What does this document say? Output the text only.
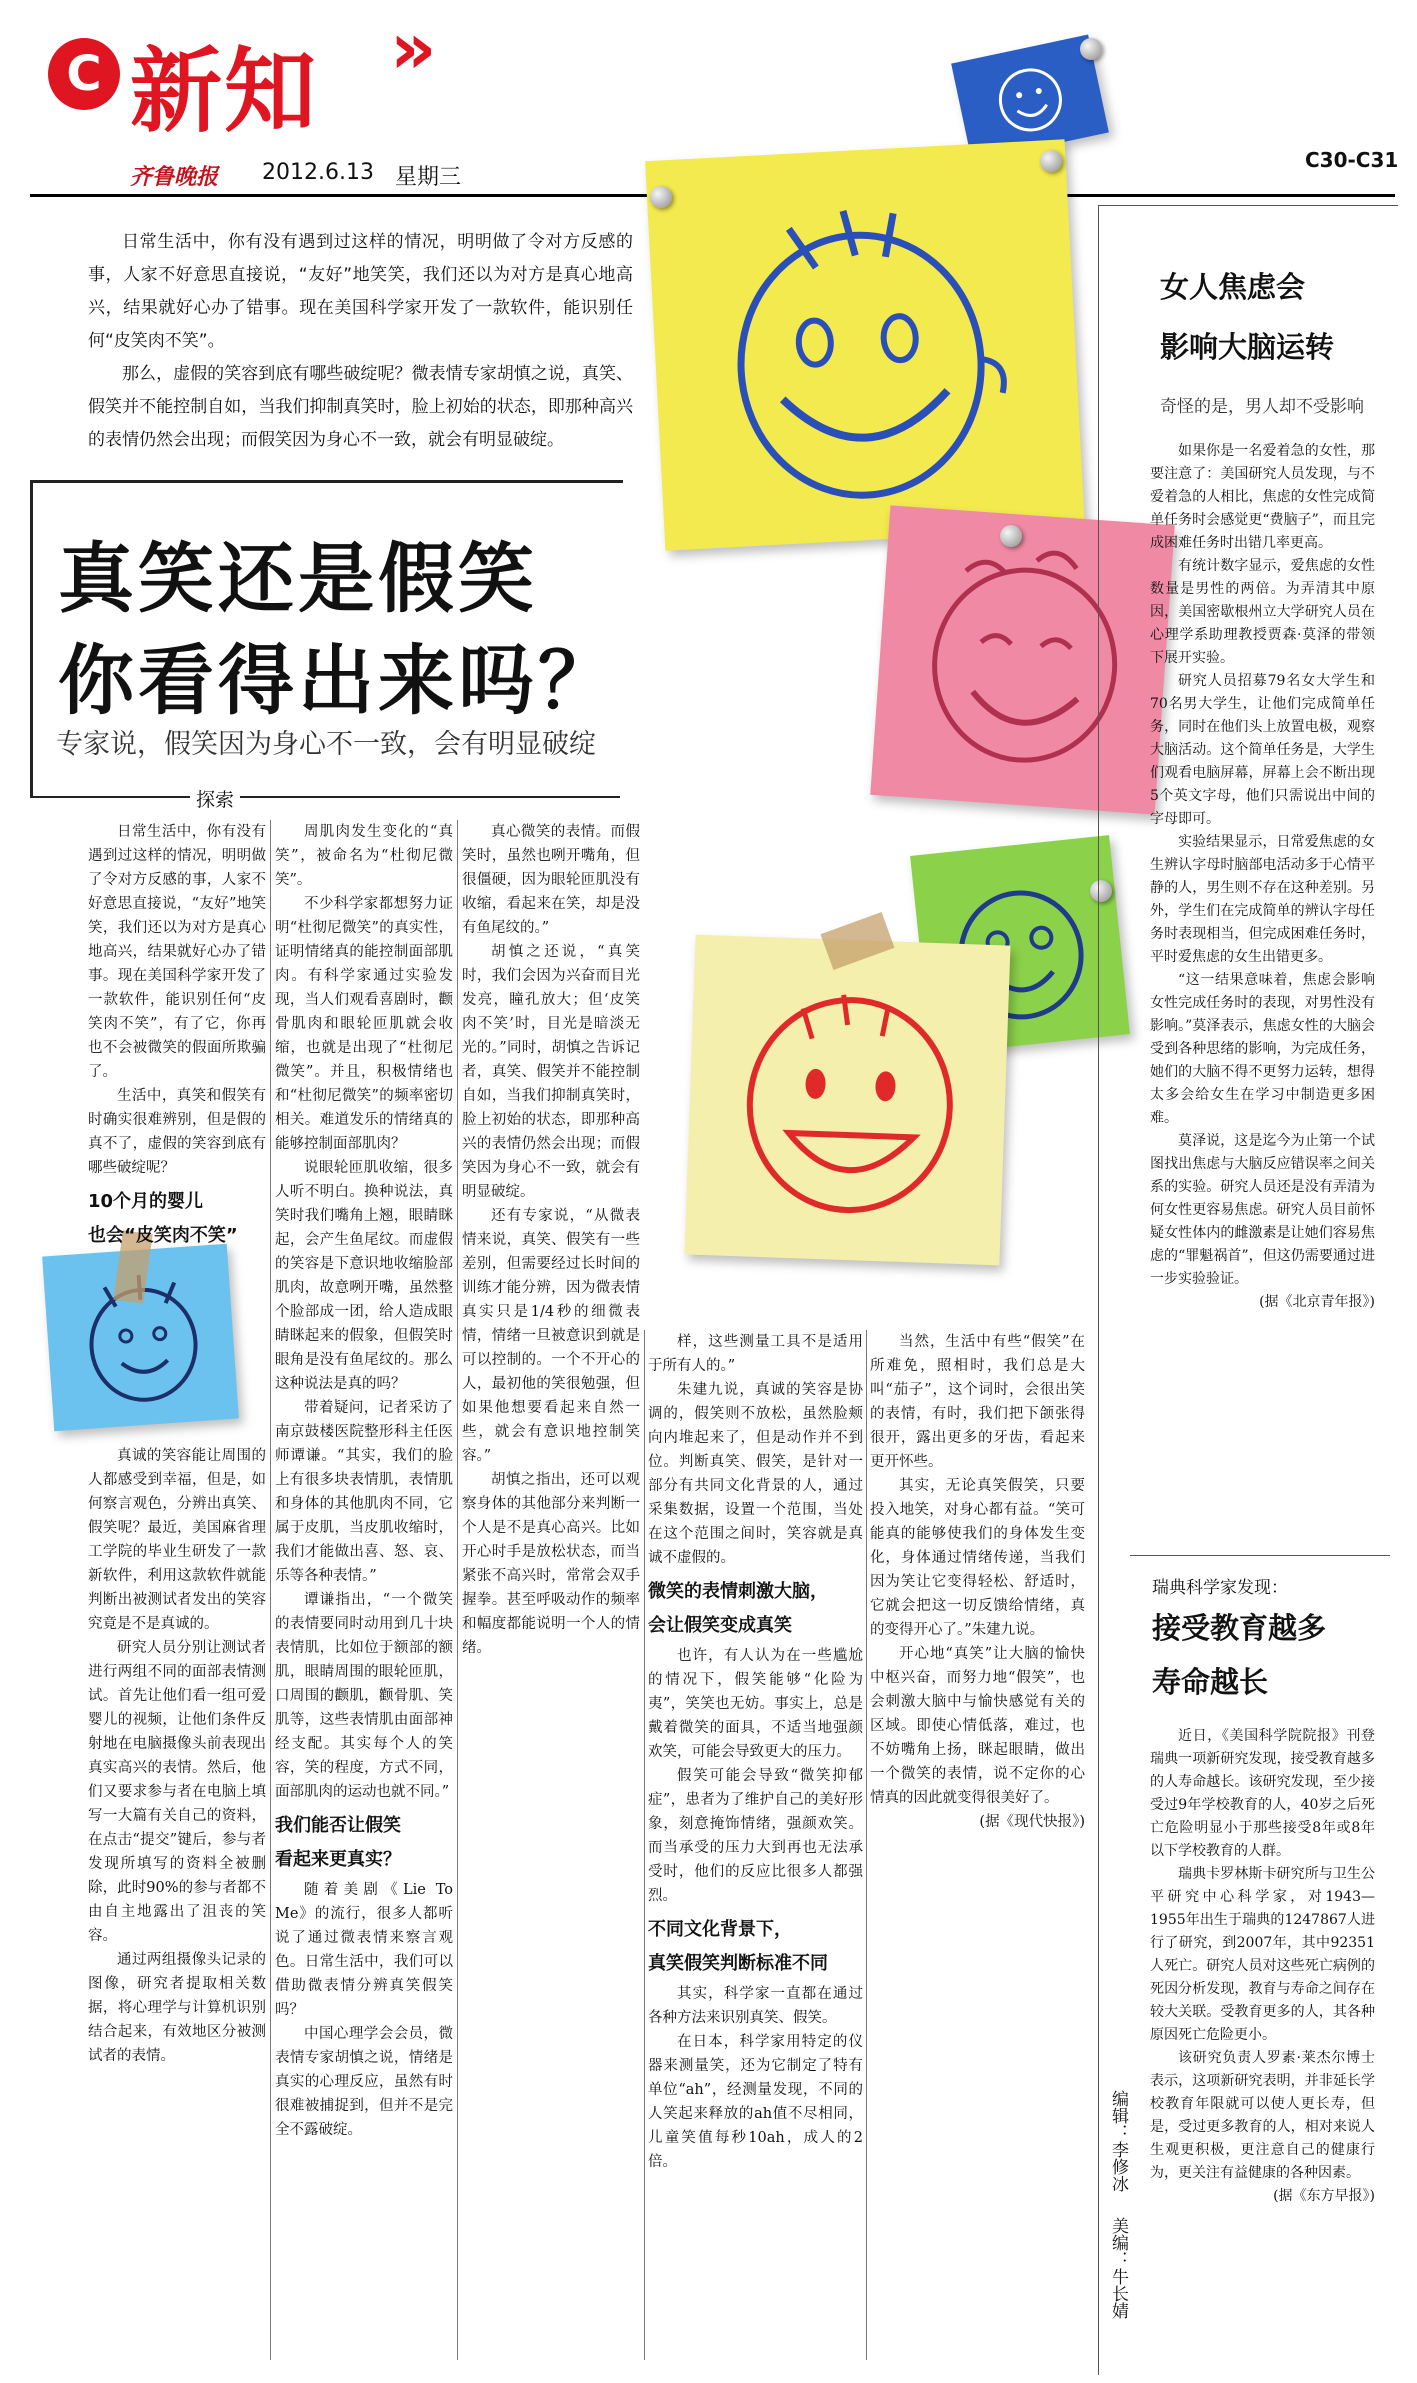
C 新知 »
齐鲁晚报 2012.6.13 星期三
C30-C31

日常生活中，你有没有遇到过这样的情况，明明做了令对方反感的事，人家不好意思直接说，“友好”地笑笑，我们还以为对方是真心地高兴，结果就好心办了错事。现在美国科学家开发了一款软件，能识别任何“皮笑肉不笑”。

那么，虚假的笑容到底有哪些破绽呢？微表情专家胡慎之说，真笑、假笑并不能控制自如，当我们抑制真笑时，脸上初始的状态，即那种高兴的表情仍然会出现；而假笑因为身心不一致，就会有明显破绽。

真笑还是假笑
你看得出来吗？
专家说，假笑因为身心不一致，会有明显破绽
探索

日常生活中，你有没有遇到过这样的情况，明明做了令对方反感的事，人家不好意思直接说，“友好”地笑笑，我们还以为对方是真心地高兴，结果就好心办了错事。现在美国科学家开发了一款软件，能识别任何“皮笑肉不笑”，有了它，你再也不会被微笑的假面所欺骗了。

生活中，真笑和假笑有时确实很难辨别，但是假的真不了，虚假的笑容到底有哪些破绽呢？

10个月的婴儿
也会“皮笑肉不笑”

真诚的笑容能让周围的人都感受到幸福，但是，如何察言观色，分辨出真笑、假笑呢？最近，美国麻省理工学院的毕业生研发了一款新软件，利用这款软件就能判断出被测试者发出的笑容究竟是不是真诚的。

研究人员分别让测试者进行两组不同的面部表情测试。首先让他们看一组可爱婴儿的视频，让他们条件反射地在电脑摄像头前表现出真实高兴的表情。然后，他们又要求参与者在电脑上填写一大篇有关自己的资料，在点击“提交”键后，参与者发现所填写的资料全被删除，此时90%的参与者都不由自主地露出了沮丧的笑容。

通过两组摄像头记录的图像，研究者提取相关数据，将心理学与计算机识别结合起来，有效地区分被测试者的表情。

周肌肉发生变化的“真笑”，被命名为“杜彻尼微笑”。

不少科学家都想努力证明“杜彻尼微笑”的真实性，证明情绪真的能控制面部肌肉。有科学家通过实验发现，当人们观看喜剧时，颧骨肌肉和眼轮匝肌就会收缩，也就是出现了“杜彻尼微笑”。并且，积极情绪也和“杜彻尼微笑”的频率密切相关。难道发乐的情绪真的能够控制面部肌肉？

说眼轮匝肌收缩，很多人听不明白。换种说法，真笑时我们嘴角上翘，眼睛眯起，会产生鱼尾纹。而虚假的笑容是下意识地收缩脸部肌肉，故意咧开嘴，虽然整个脸部成一团，给人造成眼睛眯起来的假象，但假笑时眼角是没有鱼尾纹的。那么这种说法是真的吗？

带着疑问，记者采访了南京鼓楼医院整形科主任医师谭谦。“其实，我们的脸上有很多块表情肌，表情肌和身体的其他肌肉不同，它属于皮肌，当皮肌收缩时，我们才能做出喜、怒、哀、乐等各种表情。”

谭谦指出，“一个微笑的表情要同时动用到几十块表情肌，比如位于额部的额肌，眼睛周围的眼轮匝肌，口周围的颧肌，颧骨肌、笑肌等，这些表情肌由面部神经支配。其实每个人的笑容，笑的程度，方式不同，面部肌肉的运动也就不同。”

我们能否让假笑
看起来更真实？

随着美剧《Lie To Me》的流行，很多人都听说了通过微表情来察言观色。日常生活中，我们可以借助微表情分辨真笑假笑吗？

中国心理学会会员，微表情专家胡慎之说，情绪是真实的心理反应，虽然有时很难被捕捉到，但并不是完全不露破绽。

真心微笑的表情。而假笑时，虽然也咧开嘴角，但很僵硬，因为眼轮匝肌没有收缩，看起来在笑，却是没有鱼尾纹的。”

胡慎之还说，“真笑时，我们会因为兴奋而目光发亮，瞳孔放大；但‘皮笑肉不笑’时，目光是暗淡无光的。”同时，胡慎之告诉记者，真笑、假笑并不能控制自如，当我们抑制真笑时，脸上初始的状态，即那种高兴的表情仍然会出现；而假笑因为身心不一致，就会有明显破绽。

还有专家说，“从微表情来说，真笑、假笑有一些差别，但需要经过长时间的训练才能分辨，因为微表情真实只是1/4秒的细微表情，情绪一旦被意识到就是可以控制的。一个不开心的人，最初他的笑很勉强，但如果他想要看起来自然一些，就会有意识地控制笑容。”

胡慎之指出，还可以观察身体的其他部分来判断一个人是不是真心高兴。比如开心时手是放松状态，而当紧张不高兴时，常常会双手握拳。甚至呼吸动作的频率和幅度都能说明一个人的情绪。

样，这些测量工具不是适用于所有人的。”

朱建九说，真诚的笑容是协调的，假笑则不放松，虽然脸颊向内堆起来了，但是动作并不到位。判断真笑、假笑，是针对一部分有共同文化背景的人，通过采集数据，设置一个范围，当处在这个范围之间时，笑容就是真诚不虚假的。

微笑的表情刺激大脑，
会让假笑变成真笑

也许，有人认为在一些尴尬的情况下，假笑能够“化险为夷”，笑笑也无妨。事实上，总是戴着微笑的面具，不适当地强颜欢笑，可能会导致更大的压力。

假笑可能会导致“微笑抑郁症”，患者为了维护自己的美好形象，刻意掩饰情绪，强颜欢笑。而当承受的压力大到再也无法承受时，他们的反应比很多人都强烈。

不同文化背景下，
真笑假笑判断标准不同

其实，科学家一直都在通过各种方法来识别真笑、假笑。

在日本，科学家用特定的仪器来测量笑，还为它制定了特有单位“ah”，经测量发现，不同的人笑起来释放的ah值不尽相同，儿童笑值每秒10ah，成人的2倍。

当然，生活中有些“假笑”在所难免，照相时，我们总是大叫“茄子”，这个词时，会很出笑的表情，有时，我们把下颌张得很开，露出更多的牙齿，看起来更开怀些。

其实，无论真笑假笑，只要投入地笑，对身心都有益。“笑可能真的能够使我们的身体发生变化，身体通过情绪传递，当我们因为笑让它变得轻松、舒适时，它就会把这一切反馈给情绪，真的变得开心了。”朱建九说。

开心地“真笑”让大脑的愉快中枢兴奋，而努力地“假笑”，也会刺激大脑中与愉快感觉有关的区域。即使心情低落，难过，也不妨嘴角上扬，眯起眼睛，做出一个微笑的表情，说不定你的心情真的因此就变得很美好了。

(据《现代快报》)

女人焦虑会
影响大脑运转
奇怪的是，男人却不受影响

如果你是一名爱着急的女性，那要注意了：美国研究人员发现，与不爱着急的人相比，焦虑的女性完成简单任务时会感觉更“费脑子”，而且完成困难任务时出错几率更高。

有统计数字显示，爱焦虑的女性数量是男性的两倍。为弄清其中原因，美国密歇根州立大学研究人员在心理学系助理教授贾森·莫泽的带领下展开实验。

研究人员招募79名女大学生和70名男大学生，让他们完成简单任务，同时在他们头上放置电极，观察大脑活动。这个简单任务是，大学生们观看电脑屏幕，屏幕上会不断出现5个英文字母，他们只需说出中间的字母即可。

实验结果显示，日常爱焦虑的女生辨认字母时脑部电活动多于心情平静的人，男生则不存在这种差别。另外，学生们在完成简单的辨认字母任务时表现相当，但完成困难任务时，平时爱焦虑的女生出错更多。

“这一结果意味着，焦虑会影响女性完成任务时的表现，对男性没有影响。”莫泽表示，焦虑女性的大脑会受到各种思绪的影响，为完成任务，她们的大脑不得不更努力运转，想得太多会给女生在学习中制造更多困难。

莫泽说，这是迄今为止第一个试图找出焦虑与大脑反应错误率之间关系的实验。研究人员还是没有弄清为何女性更容易焦虑。研究人员目前怀疑女性体内的雌激素是让她们容易焦虑的“罪魁祸首”，但这仍需要通过进一步实验验证。

(据《北京青年报》)

瑞典科学家发现：
接受教育越多
寿命越长

近日，《美国科学院院报》刊登瑞典一项新研究发现，接受教育越多的人寿命越长。该研究发现，至少接受过9年学校教育的人，40岁之后死亡危险明显小于那些接受8年或8年以下学校教育的人群。

瑞典卡罗林斯卡研究所与卫生公平研究中心科学家，对1943—1955年出生于瑞典的1247867人进行了研究，到2007年，其中92351人死亡。研究人员对这些死亡病例的死因分析发现，教育与寿命之间存在较大关联。受教育更多的人，其各种原因死亡危险更小。

该研究负责人罗素·莱杰尔博士表示，这项新研究表明，并非延长学校教育年限就可以使人更长寿，但是，受过更多教育的人，相对来说人生观更积极，更注意自己的健康行为，更关注有益健康的各种因素。

(据《东方早报》)

编辑：李修冰 美编：牛长婧
